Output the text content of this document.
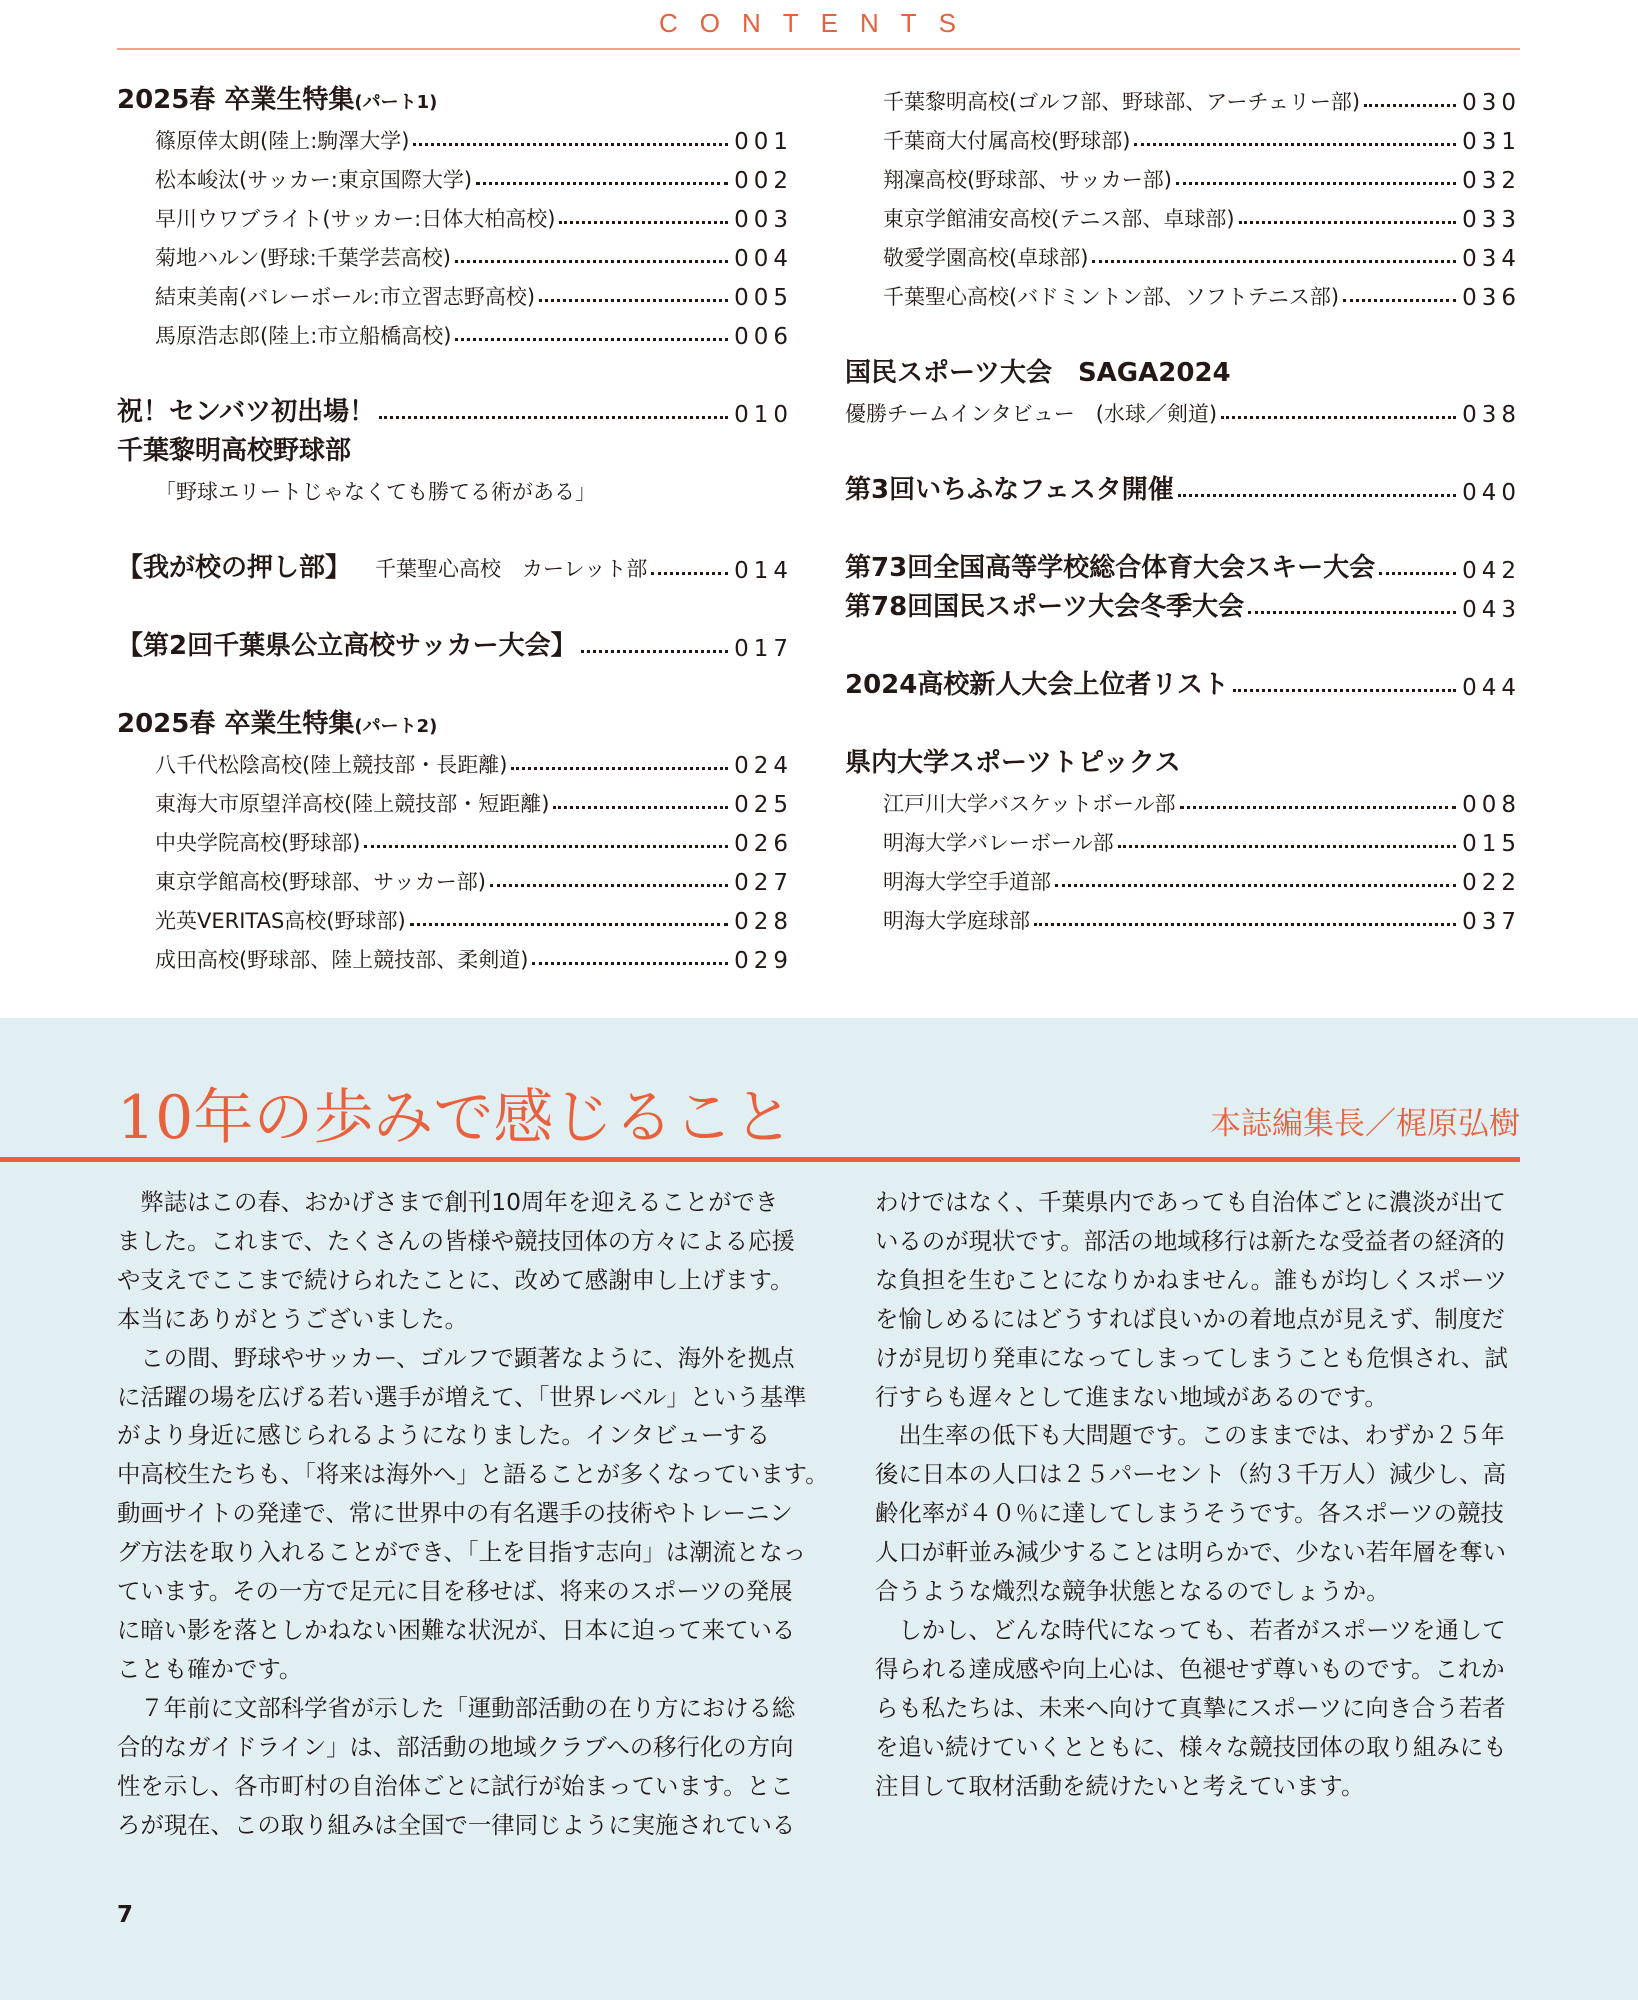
CONTENTS
2025春 卒業生特集(パート1)
篠原倖太朗(陸上:駒澤大学)	001
松本峻汰(サッカー:東京国際大学)	002
早川ウワブライト(サッカー:日体大柏高校)	003
菊地ハルン(野球:千葉学芸高校)	004
結束美南(バレーボール:市立習志野高校)	005
馬原浩志郎(陸上:市立船橋高校)	006
祝！センバツ初出場！	010
千葉黎明高校野球部
「野球エリートじゃなくても勝てる術がある」
【我が校の押し部】 千葉聖心高校　カーレット部	014
【第2回千葉県公立高校サッカー大会】	017
2025春 卒業生特集(パート2)
八千代松陰高校(陸上競技部・長距離)	024
東海大市原望洋高校(陸上競技部・短距離)	025
中央学院高校(野球部)	026
東京学館高校(野球部、サッカー部)	027
光英VERITAS高校(野球部)	028
成田高校(野球部、陸上競技部、柔剣道)	029
千葉黎明高校(ゴルフ部、野球部、アーチェリー部)	030
千葉商大付属高校(野球部)	031
翔凜高校(野球部、サッカー部)	032
東京学館浦安高校(テニス部、卓球部)	033
敬愛学園高校(卓球部)	034
千葉聖心高校(バドミントン部、ソフトテニス部)	036
国民スポーツ大会　SAGA2024
優勝チームインタビュー　(水球／剣道)	038
第3回いちふなフェスタ開催	040
第73回全国高等学校総合体育大会スキー大会	042
第78回国民スポーツ大会冬季大会	043
2024高校新人大会上位者リスト	044
県内大学スポーツトピックス
江戸川大学バスケットボール部	008
明海大学バレーボール部	015
明海大学空手道部	022
明海大学庭球部	037
10年の歩みで感じること	本誌編集長／梶原弘樹

　弊誌はこの春、おかげさまで創刊10周年を迎えることができ

ました。これまで、たくさんの皆様や競技団体の方々による応援

や支えでここまで続けられたことに、改めて感謝申し上げます。

本当にありがとうございました。

　この間、野球やサッカー、ゴルフで顕著なように、海外を拠点

に活躍の場を広げる若い選手が増えて、「世界レベル」という基準

がより身近に感じられるようになりました。インタビューする

中高校生たちも、「将来は海外へ」と語ることが多くなっています。

動画サイトの発達で、常に世界中の有名選手の技術やトレーニン

グ方法を取り入れることができ、「上を目指す志向」は潮流となっ

ています。その一方で足元に目を移せば、将来のスポーツの発展

に暗い影を落としかねない困難な状況が、日本に迫って来ている

ことも確かです。

　７年前に文部科学省が示した「運動部活動の在り方における総

合的なガイドライン」は、部活動の地域クラブへの移行化の方向

性を示し、各市町村の自治体ごとに試行が始まっています。とこ

ろが現在、この取り組みは全国で一律同じように実施されている

わけではなく、千葉県内であっても自治体ごとに濃淡が出て

いるのが現状です。部活の地域移行は新たな受益者の経済的

な負担を生むことになりかねません。誰もが均しくスポーツ

を愉しめるにはどうすれば良いかの着地点が見えず、制度だ

けが見切り発車になってしまってしまうことも危惧され、試

行すらも遅々として進まない地域があるのです。

　出生率の低下も大問題です。このままでは、わずか２５年

後に日本の人口は２５パーセント（約３千万人）減少し、高

齢化率が４０％に達してしまうそうです。各スポーツの競技

人口が軒並み減少することは明らかで、少ない若年層を奪い

合うような熾烈な競争状態となるのでしょうか。

　しかし、どんな時代になっても、若者がスポーツを通して

得られる達成感や向上心は、色褪せず尊いものです。これか

らも私たちは、未来へ向けて真摯にスポーツに向き合う若者

を追い続けていくとともに、様々な競技団体の取り組みにも

注目して取材活動を続けたいと考えています。

7
